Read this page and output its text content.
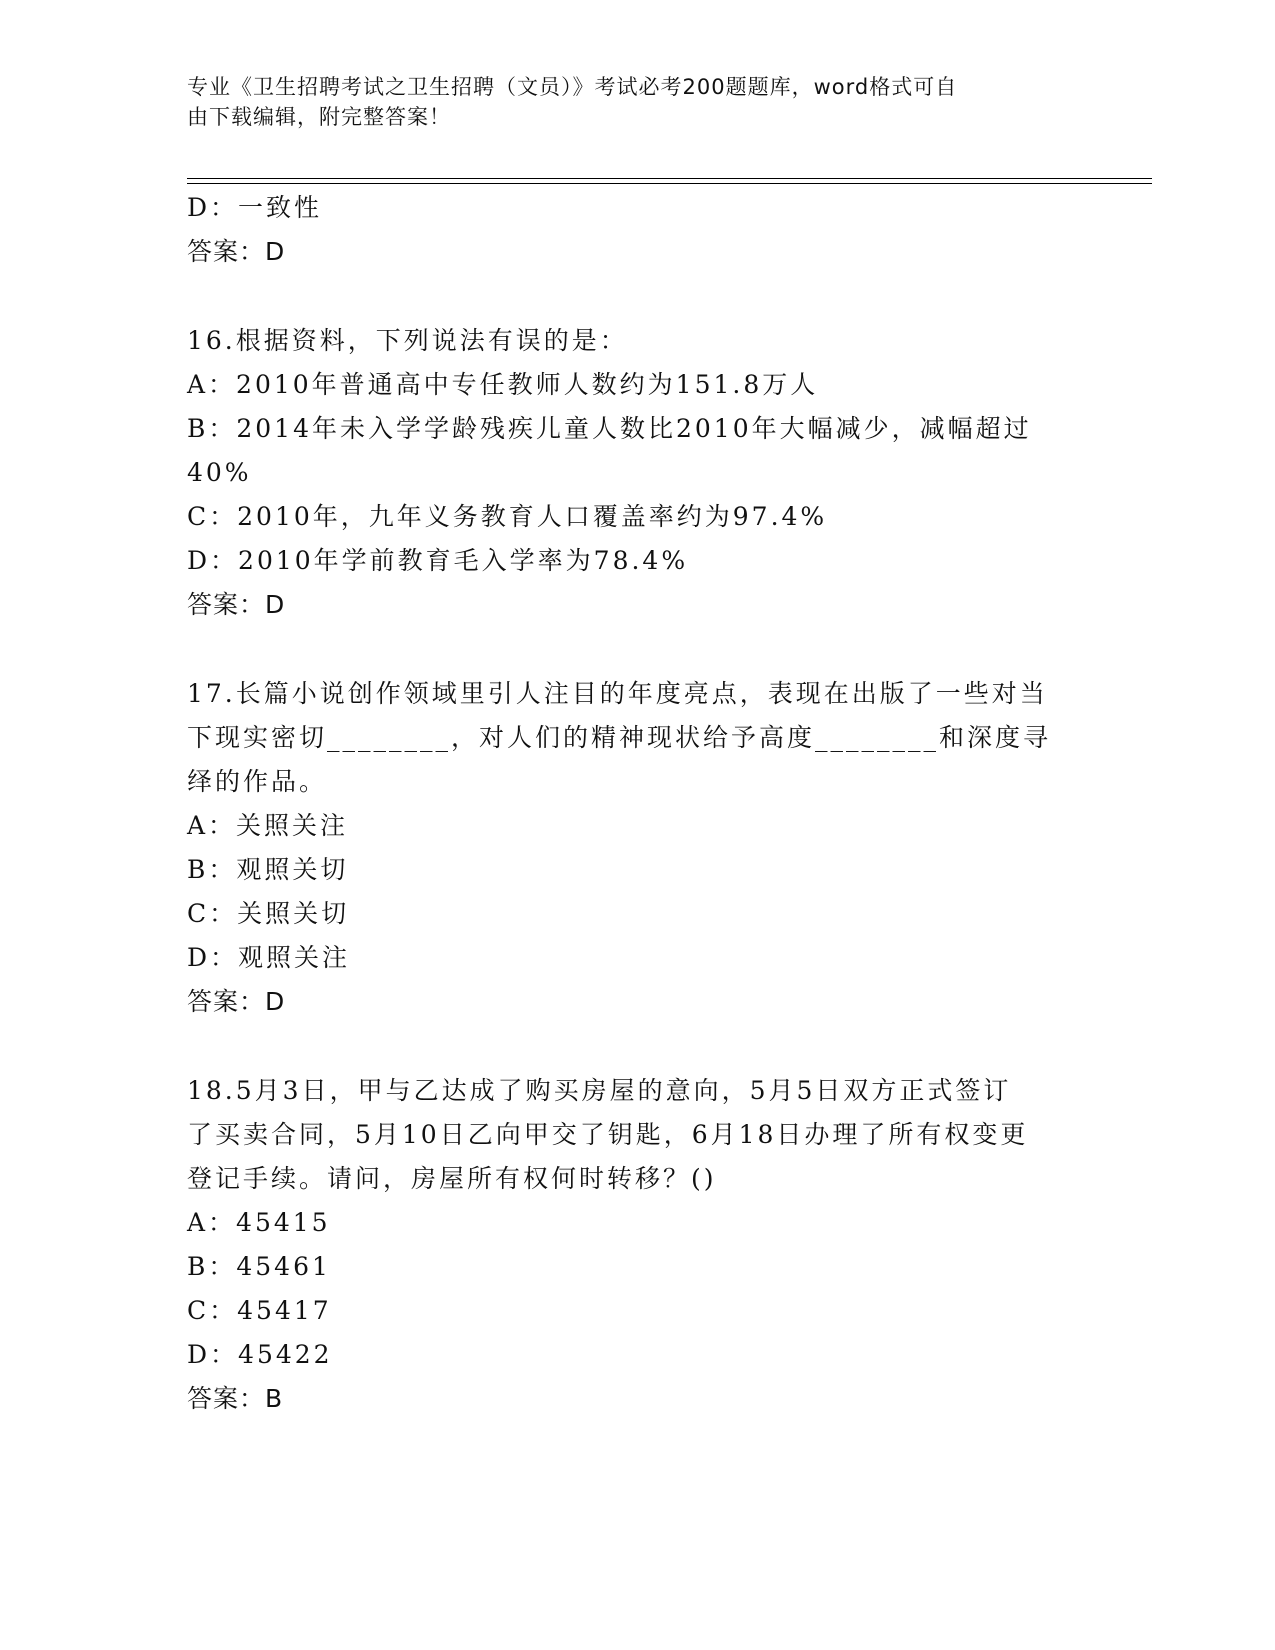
专业《卫生招聘考试之卫生招聘（文员）》考试必考200题题库，word格式可自
由下载编辑，附完整答案！
D：一致性
答案：D
16.根据资料，下列说法有误的是：
A：2010年普通高中专任教师人数约为151.8万人
B：2014年未入学学龄残疾儿童人数比2010年大幅减少，减幅超过
40%
C：2010年，九年义务教育人口覆盖率约为97.4%
D：2010年学前教育毛入学率为78.4%
答案：D
17.长篇小说创作领域里引人注目的年度亮点，表现在出版了一些对当
下现实密切________，对人们的精神现状给予高度________和深度寻
绎的作品。
A：关照关注
B：观照关切
C：关照关切
D：观照关注
答案：D
18.5月3日，甲与乙达成了购买房屋的意向，5月5日双方正式签订
了买卖合同，5月10日乙向甲交了钥匙，6月18日办理了所有权变更
登记手续。请问，房屋所有权何时转移？()
A：45415
B：45461
C：45417
D：45422
答案：B
